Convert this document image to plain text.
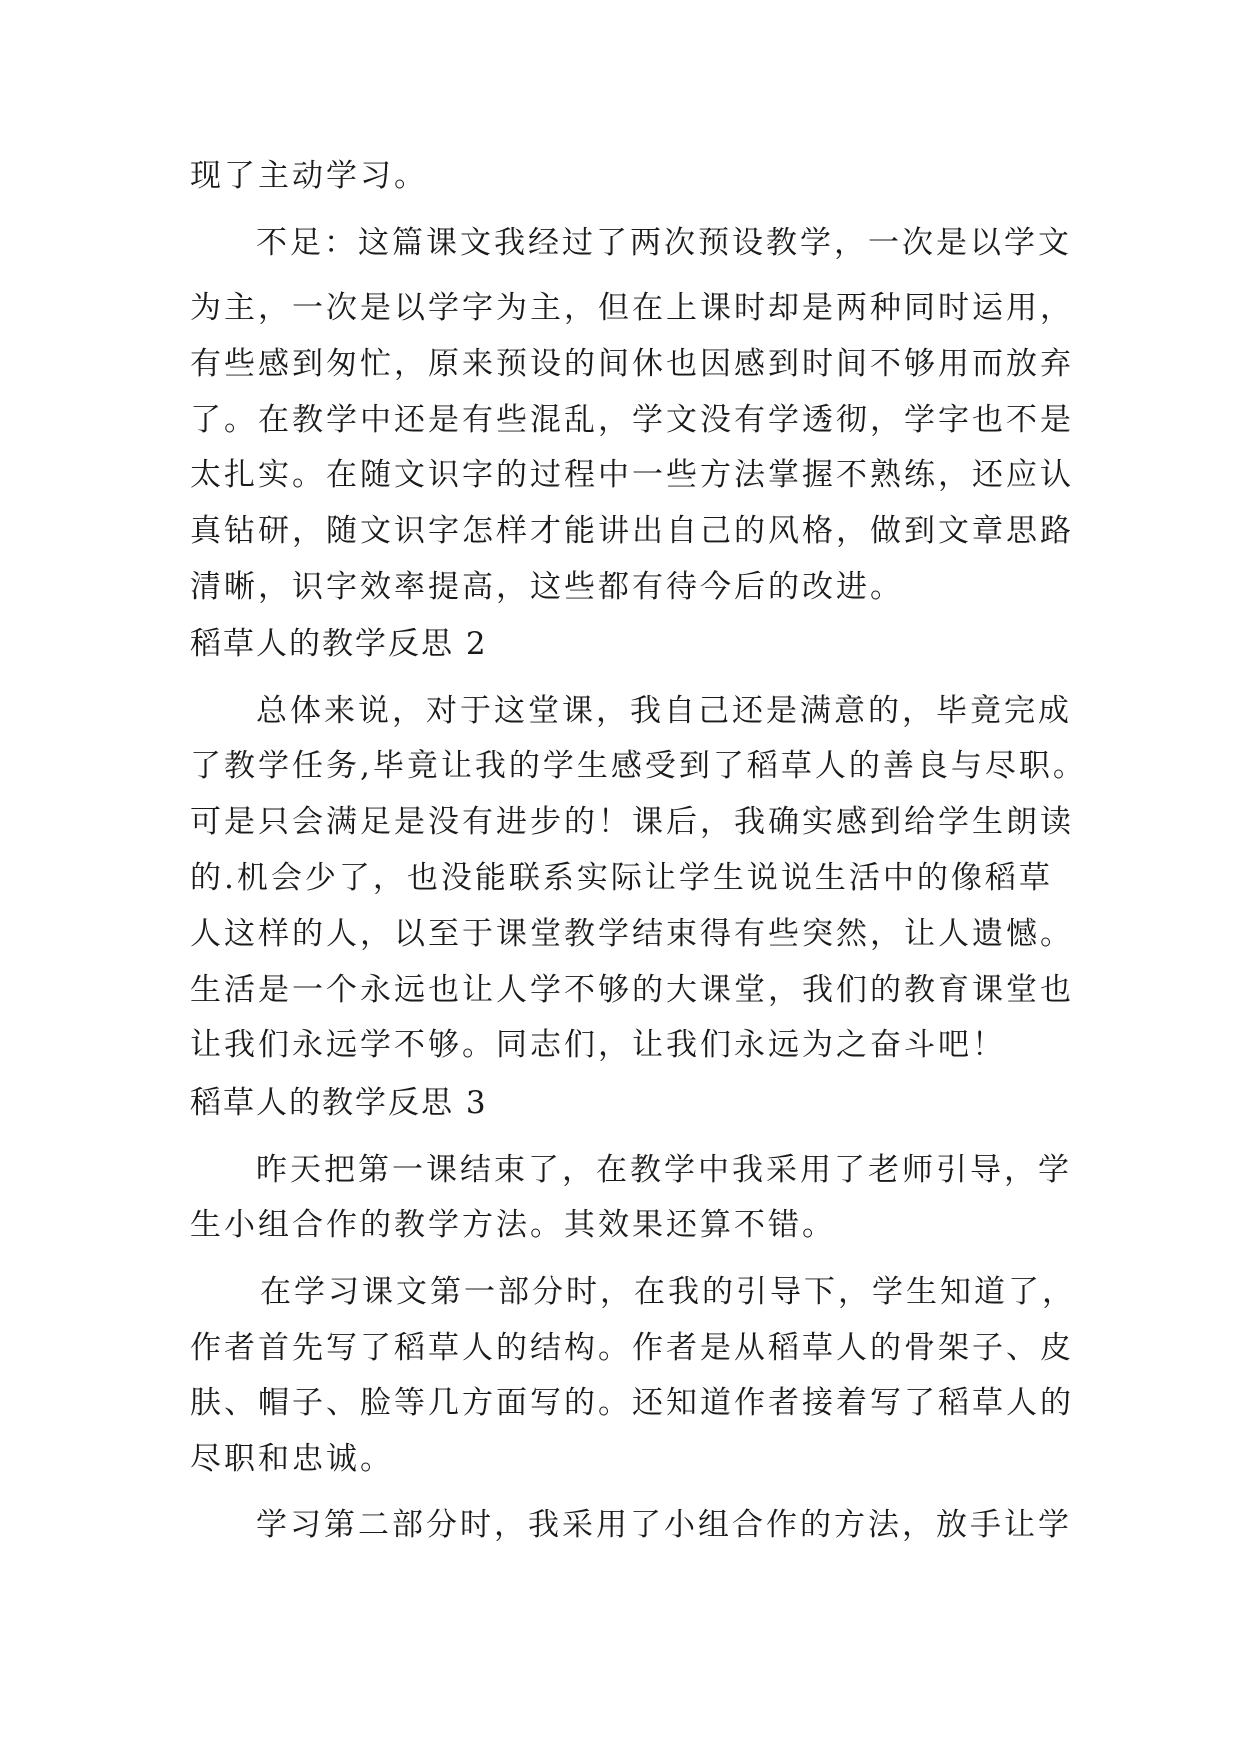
现了主动学习。
不足：这篇课文我经过了两次预设教学，一次是以学文
为主，一次是以学字为主，但在上课时却是两种同时运用，
有些感到匆忙，原来预设的间休也因感到时间不够用而放弃
了。在教学中还是有些混乱，学文没有学透彻，学字也不是
太扎实。在随文识字的过程中一些方法掌握不熟练，还应认
真钻研，随文识字怎样才能讲出自己的风格，做到文章思路
清晰，识字效率提高，这些都有待今后的改进。
稻草人的教学反思 2
总体来说，对于这堂课，我自己还是满意的，毕竟完成
了教学任务,毕竟让我的学生感受到了稻草人的善良与尽职。
可是只会满足是没有进步的！课后，我确实感到给学生朗读
的.机会少了，也没能联系实际让学生说说生活中的像稻草
人这样的人，以至于课堂教学结束得有些突然，让人遗憾。
生活是一个永远也让人学不够的大课堂，我们的教育课堂也
让我们永远学不够。同志们，让我们永远为之奋斗吧！
稻草人的教学反思 3
昨天把第一课结束了，在教学中我采用了老师引导，学
生小组合作的教学方法。其效果还算不错。
在学习课文第一部分时，在我的引导下，学生知道了，
作者首先写了稻草人的结构。作者是从稻草人的骨架子、皮
肤、帽子、脸等几方面写的。还知道作者接着写了稻草人的
尽职和忠诚。
学习第二部分时，我采用了小组合作的方法，放手让学
